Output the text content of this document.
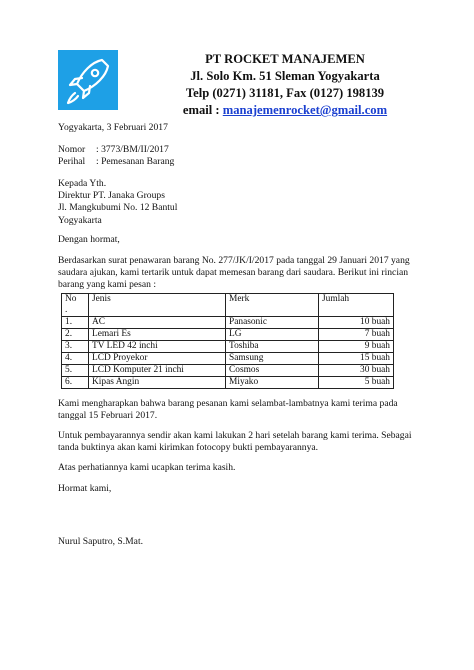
PT ROCKET MANAJEMEN
Jl. Solo Km. 51 Sleman Yogyakarta
Telp (0271) 31181, Fax (0127) 198139
email : manajemenrocket@gmail.com
Yogyakarta, 3 Februari 2017
Nomor : 3773/BM/II/2017
Perihal : Pemesanan Barang
Kepada Yth.
Direktur PT. Janaka Groups
Jl. Mangkubumi No. 12 Bantul
Yogyakarta
Dengan hormat,
Berdasarkan surat penawaran barang No. 277/JK/I/2017 pada tanggal 29 Januari 2017 yang saudara ajukan, kami tertarik untuk dapat memesan barang dari saudara. Berikut ini rincian barang yang kami pesan :
No
.	Jenis	Merk	Jumlah
1.	AC	Panasonic	10 buah
2.	Lemari Es	LG	7 buah
3.	TV LED 42 inchi	Toshiba	9 buah
4.	LCD Proyekor	Samsung	15 buah
5.	LCD Komputer 21 inchi	Cosmos	30 buah
6.	Kipas Angin	Miyako	5 buah
Kami mengharapkan bahwa barang pesanan kami selambat-lambatnya kami terima pada tanggal 15 Februari 2017.
Untuk pembayarannya sendir akan kami lakukan 2 hari setelah barang kami terima. Sebagai tanda buktinya akan kami kirimkan fotocopy bukti pembayarannya.
Atas perhatiannya kami ucapkan terima kasih.
Hormat kami,
Nurul Saputro, S.Mat.
